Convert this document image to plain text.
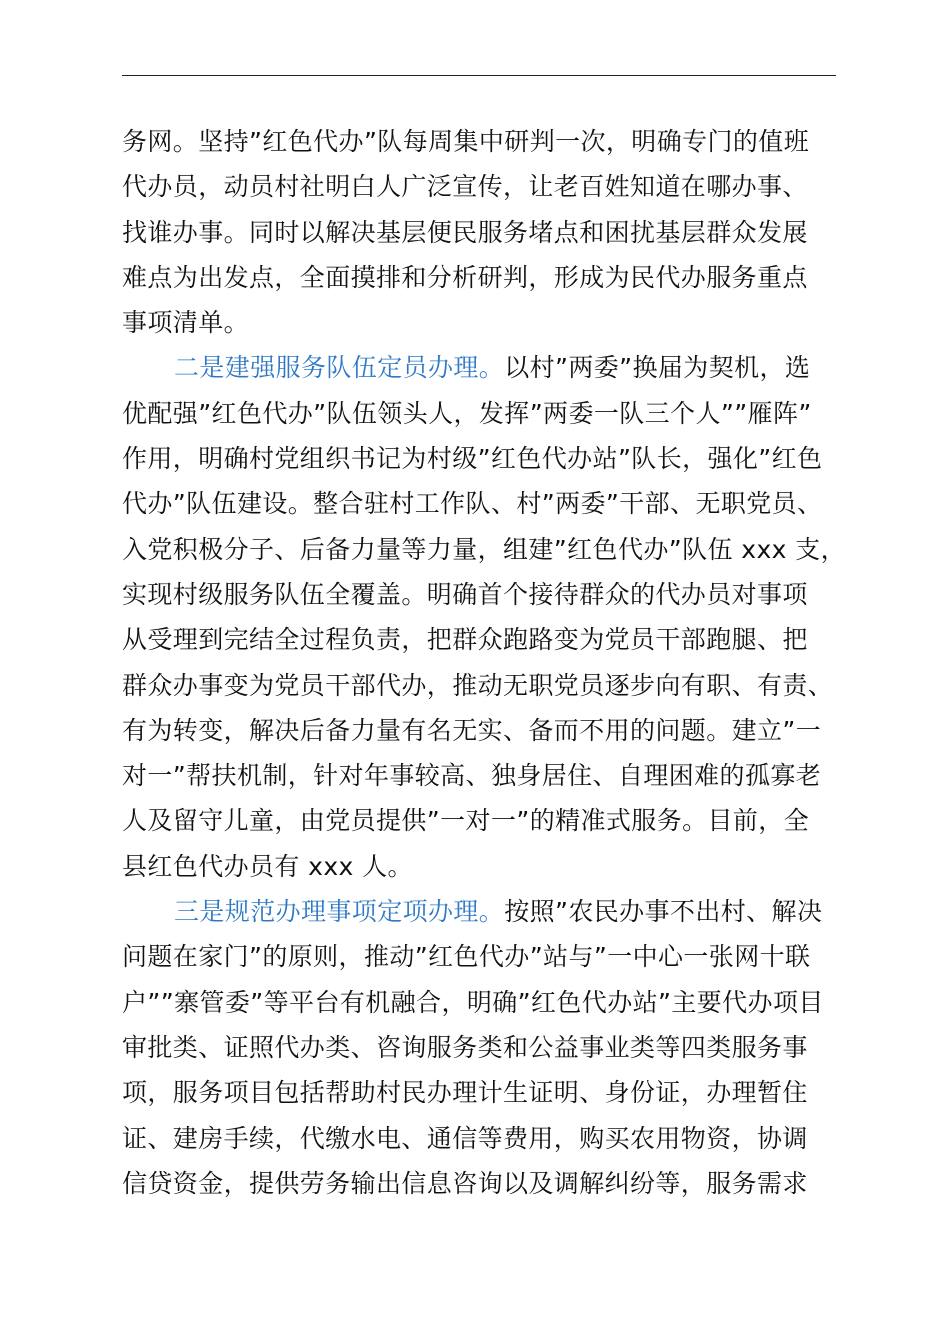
务网。坚持”红色代办”队每周集中研判一次，明确专门的值班
代办员，动员村社明白人广泛宣传，让老百姓知道在哪办事、
找谁办事。同时以解决基层便民服务堵点和困扰基层群众发展
难点为出发点，全面摸排和分析研判，形成为民代办服务重点
事项清单。
二是建强服务队伍定员办理。以村”两委”换届为契机，选
优配强”红色代办”队伍领头人，发挥”两委一队三个人””雁阵”
作用，明确村党组织书记为村级”红色代办站”队长，强化”红色
代办”队伍建设。整合驻村工作队、村”两委”干部、无职党员、
入党积极分子、后备力量等力量，组建”红色代办”队伍 xxx 支，
实现村级服务队伍全覆盖。明确首个接待群众的代办员对事项
从受理到完结全过程负责，把群众跑路变为党员干部跑腿、把
群众办事变为党员干部代办，推动无职党员逐步向有职、有责、
有为转变，解决后备力量有名无实、备而不用的问题。建立”一
对一”帮扶机制，针对年事较高、独身居住、自理困难的孤寡老
人及留守儿童，由党员提供”一对一”的精准式服务。目前，全
县红色代办员有 xxx 人。
三是规范办理事项定项办理。按照”农民办事不出村、解决
问题在家门”的原则，推动”红色代办”站与”一中心一张网十联
户””寨管委”等平台有机融合，明确”红色代办站”主要代办项目
审批类、证照代办类、咨询服务类和公益事业类等四类服务事
项，服务项目包括帮助村民办理计生证明、身份证，办理暂住
证、建房手续，代缴水电、通信等费用，购买农用物资，协调
信贷资金，提供劳务输出信息咨询以及调解纠纷等，服务需求
